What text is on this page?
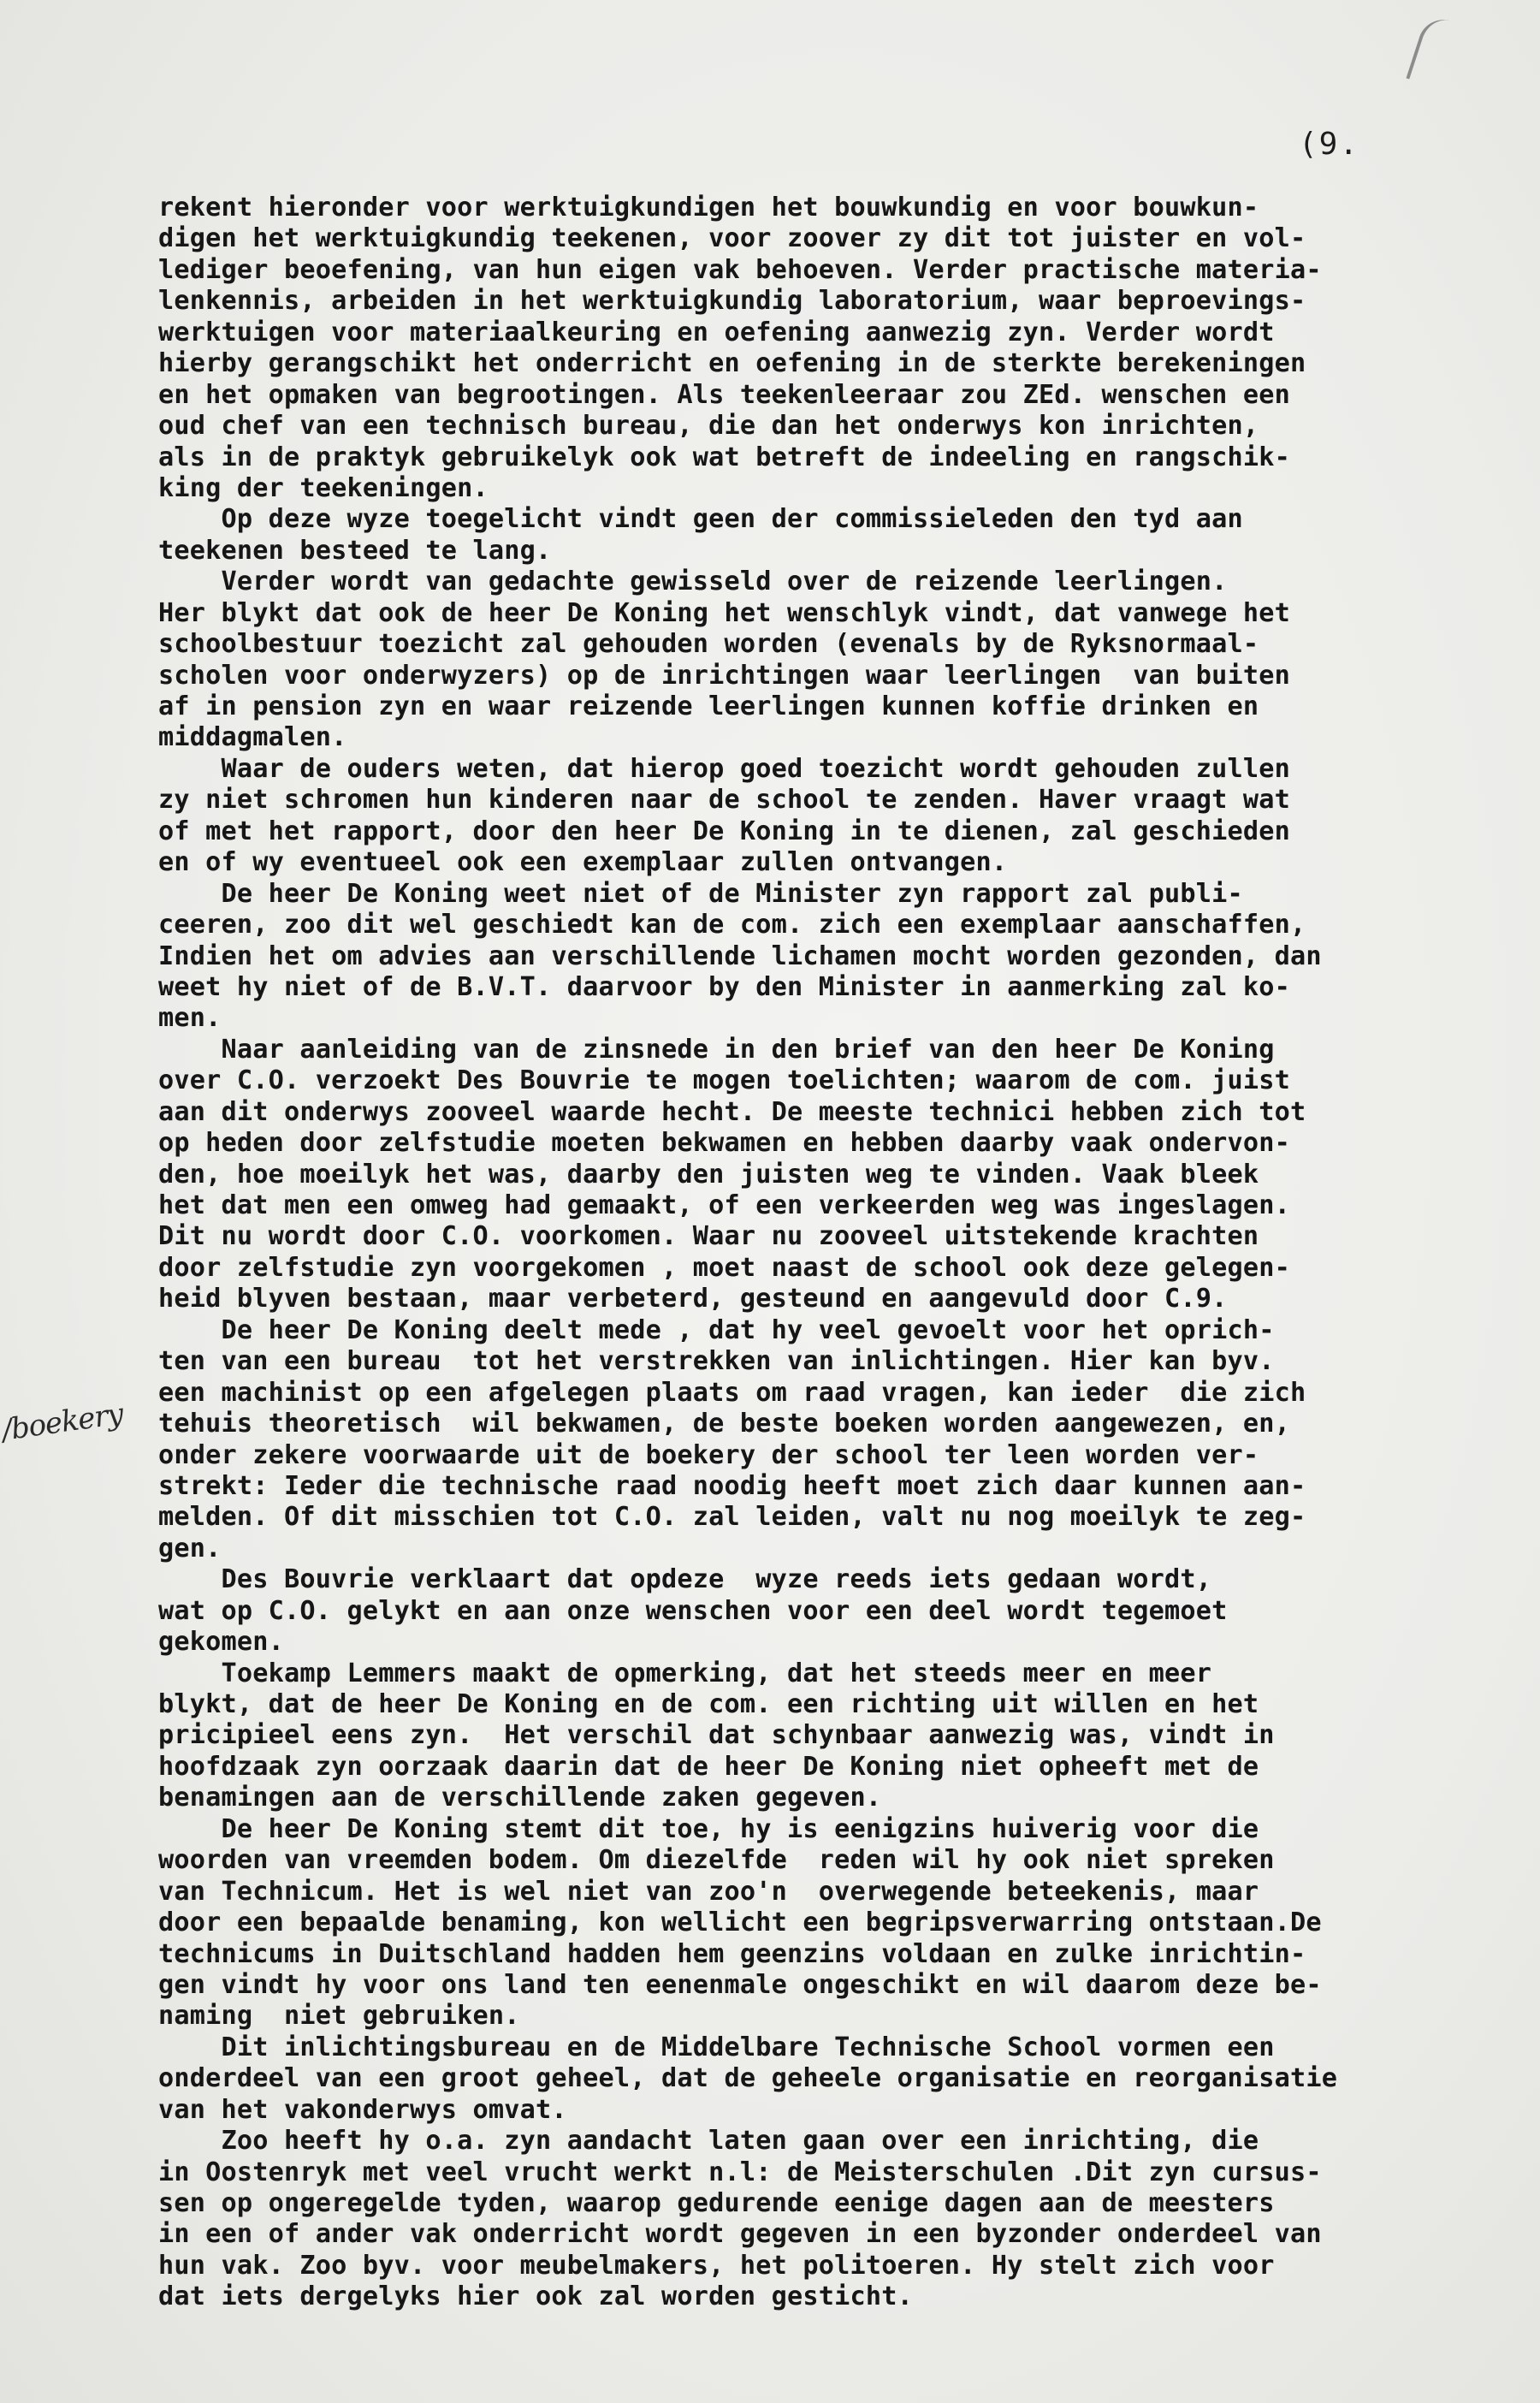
(9.
/boekery
rekent hieronder voor werktuigkundigen het bouwkundig en voor bouwkun-
digen het werktuigkundig teekenen, voor zoover zy dit tot juister en vol-
lediger beoefening, van hun eigen vak behoeven. Verder practische materia-
lenkennis, arbeiden in het werktuigkundig laboratorium, waar beproevings-
werktuigen voor materiaalkeuring en oefening aanwezig zyn. Verder wordt
hierby gerangschikt het onderricht en oefening in de sterkte berekeningen
en het opmaken van begrootingen. Als teekenleeraar zou ZEd. wenschen een
oud chef van een technisch bureau, die dan het onderwys kon inrichten,
als in de praktyk gebruikelyk ook wat betreft de indeeling en rangschik-
king der teekeningen.
Op deze wyze toegelicht vindt geen der commissieleden den tyd aan
teekenen besteed te lang.
Verder wordt van gedachte gewisseld over de reizende leerlingen.
Her blykt dat ook de heer De Koning het wenschlyk vindt, dat vanwege het
schoolbestuur toezicht zal gehouden worden (evenals by de Ryksnormaal-
scholen voor onderwyzers) op de inrichtingen waar leerlingen  van buiten
af in pension zyn en waar reizende leerlingen kunnen koffie drinken en
middagmalen.
Waar de ouders weten, dat hierop goed toezicht wordt gehouden zullen
zy niet schromen hun kinderen naar de school te zenden. Haver vraagt wat
of met het rapport, door den heer De Koning in te dienen, zal geschieden
en of wy eventueel ook een exemplaar zullen ontvangen.
De heer De Koning weet niet of de Minister zyn rapport zal publi-
ceeren, zoo dit wel geschiedt kan de com. zich een exemplaar aanschaffen,
Indien het om advies aan verschillende lichamen mocht worden gezonden, dan
weet hy niet of de B.V.T. daarvoor by den Minister in aanmerking zal ko-
men.
Naar aanleiding van de zinsnede in den brief van den heer De Koning
over C.O. verzoekt Des Bouvrie te mogen toelichten; waarom de com. juist
aan dit onderwys zooveel waarde hecht. De meeste technici hebben zich tot
op heden door zelfstudie moeten bekwamen en hebben daarby vaak ondervon-
den, hoe moeilyk het was, daarby den juisten weg te vinden. Vaak bleek
het dat men een omweg had gemaakt, of een verkeerden weg was ingeslagen.
Dit nu wordt door C.O. voorkomen. Waar nu zooveel uitstekende krachten
door zelfstudie zyn voorgekomen , moet naast de school ook deze gelegen-
heid blyven bestaan, maar verbeterd, gesteund en aangevuld door C.9.
De heer De Koning deelt mede , dat hy veel gevoelt voor het oprich-
ten van een bureau  tot het verstrekken van inlichtingen. Hier kan byv.
een machinist op een afgelegen plaats om raad vragen, kan ieder  die zich
tehuis theoretisch  wil bekwamen, de beste boeken worden aangewezen, en,
onder zekere voorwaarde uit de boekery der school ter leen worden ver-
strekt: Ieder die technische raad noodig heeft moet zich daar kunnen aan-
melden. Of dit misschien tot C.O. zal leiden, valt nu nog moeilyk te zeg-
gen.
Des Bouvrie verklaart dat opdeze  wyze reeds iets gedaan wordt,
wat op C.O. gelykt en aan onze wenschen voor een deel wordt tegemoet
gekomen.
Toekamp Lemmers maakt de opmerking, dat het steeds meer en meer
blykt, dat de heer De Koning en de com. een richting uit willen en het
pricipieel eens zyn.  Het verschil dat schynbaar aanwezig was, vindt in
hoofdzaak zyn oorzaak daarin dat de heer De Koning niet opheeft met de
benamingen aan de verschillende zaken gegeven.
De heer De Koning stemt dit toe, hy is eenigzins huiverig voor die
woorden van vreemden bodem. Om diezelfde  reden wil hy ook niet spreken
van Technicum. Het is wel niet van zoo'n  overwegende beteekenis, maar
door een bepaalde benaming, kon wellicht een begripsverwarring ontstaan.De
technicums in Duitschland hadden hem geenzins voldaan en zulke inrichtin-
gen vindt hy voor ons land ten eenenmale ongeschikt en wil daarom deze be-
naming  niet gebruiken.
Dit inlichtingsbureau en de Middelbare Technische School vormen een
onderdeel van een groot geheel, dat de geheele organisatie en reorganisatie
van het vakonderwys omvat.
Zoo heeft hy o.a. zyn aandacht laten gaan over een inrichting, die
in Oostenryk met veel vrucht werkt n.l: de Meisterschulen .Dit zyn cursus-
sen op ongeregelde tyden, waarop gedurende eenige dagen aan de meesters
in een of ander vak onderricht wordt gegeven in een byzonder onderdeel van
hun vak. Zoo byv. voor meubelmakers, het politoeren. Hy stelt zich voor
dat iets dergelyks hier ook zal worden gesticht.
